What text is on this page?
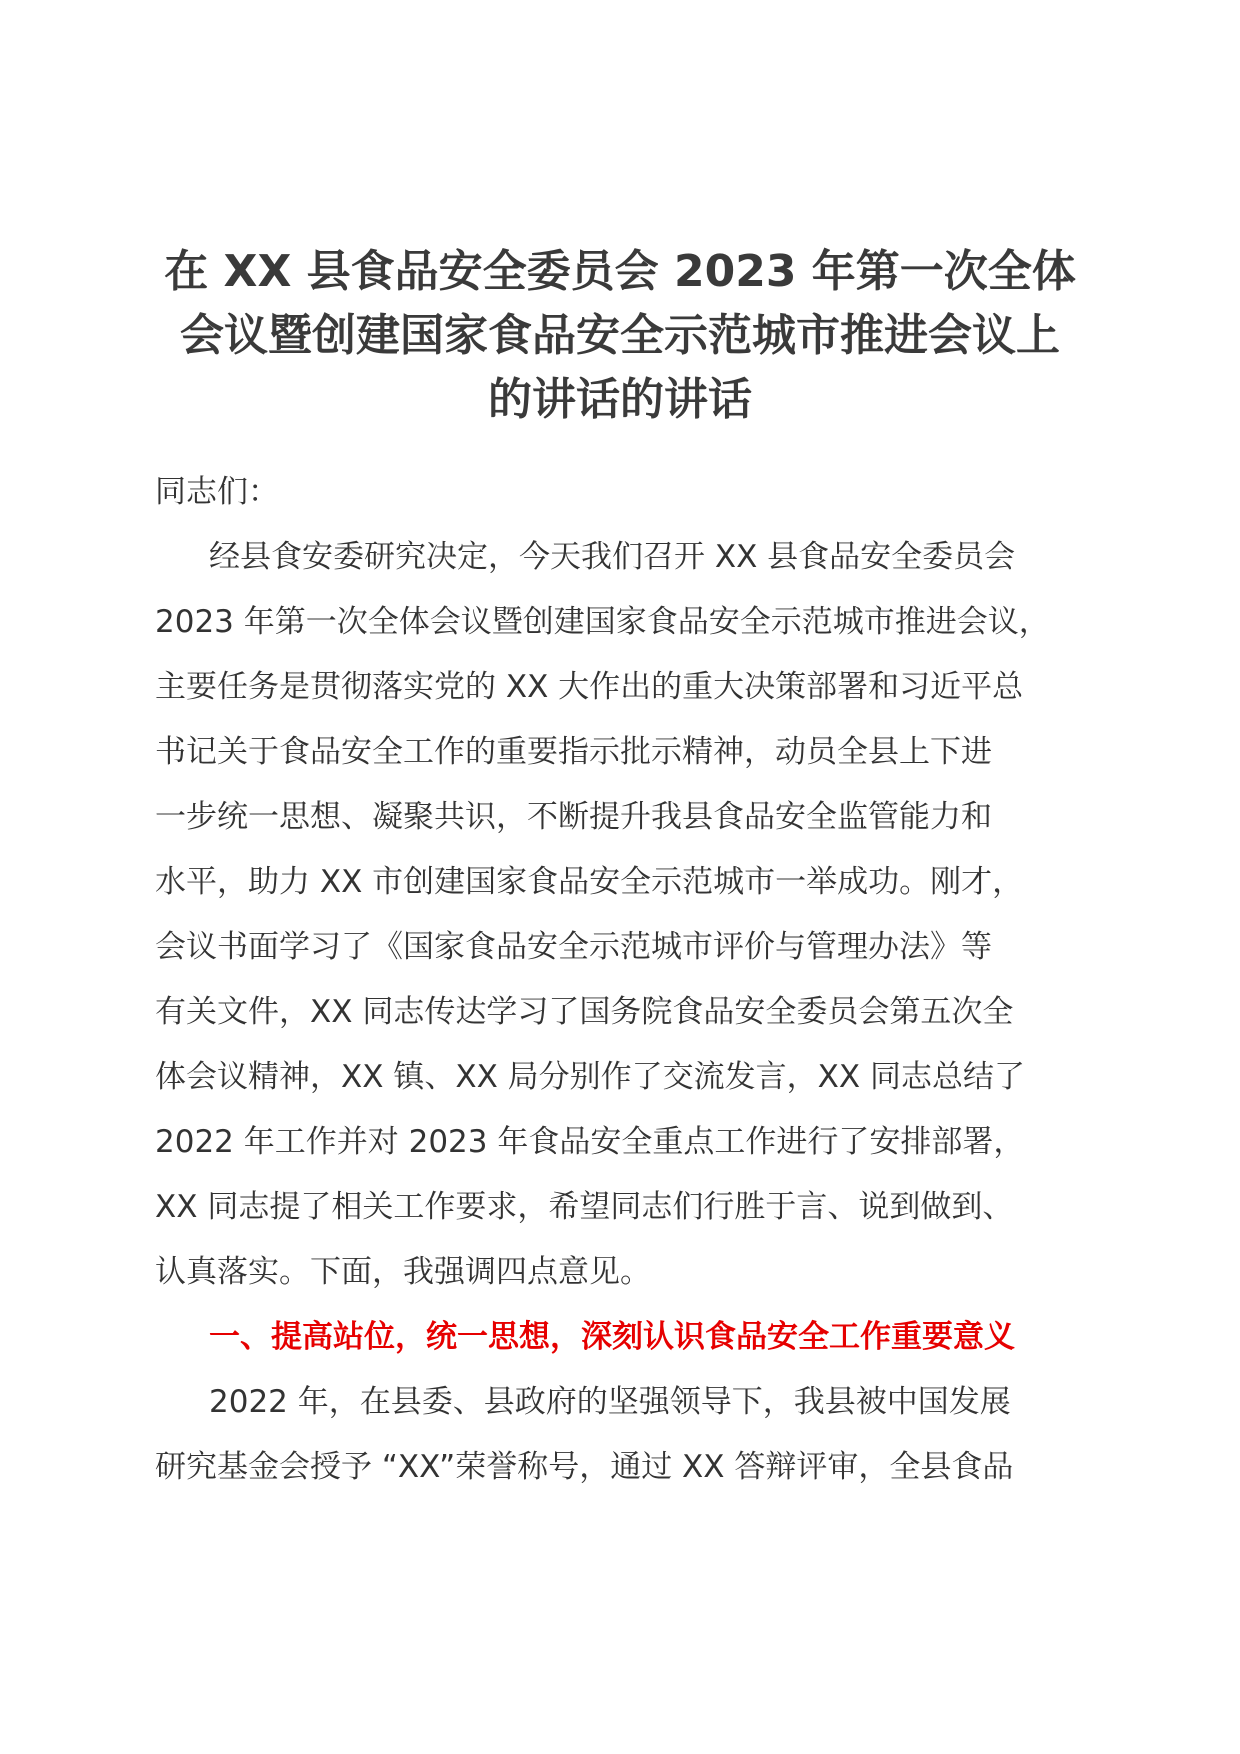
在 XX 县食品安全委员会 2023 年第一次全体
会议暨创建国家食品安全示范城市推进会议上
的讲话的讲话
同志们：
经县食安委研究决定，今天我们召开 XX 县食品安全委员会
2023 年第一次全体会议暨创建国家食品安全示范城市推进会议，
主要任务是贯彻落实党的 XX 大作出的重大决策部署和习近平总
书记关于食品安全工作的重要指示批示精神，动员全县上下进
一步统一思想、凝聚共识，不断提升我县食品安全监管能力和
水平，助力 XX 市创建国家食品安全示范城市一举成功。刚才，
会议书面学习了《国家食品安全示范城市评价与管理办法》等
有关文件，XX 同志传达学习了国务院食品安全委员会第五次全
体会议精神，XX 镇、XX 局分别作了交流发言，XX 同志总结了
2022 年工作并对 2023 年食品安全重点工作进行了安排部署，
XX 同志提了相关工作要求，希望同志们行胜于言、说到做到、
认真落实。下面，我强调四点意见。
一、提高站位，统一思想，深刻认识食品安全工作重要意义
2022 年，在县委、县政府的坚强领导下，我县被中国发展
研究基金会授予 “XX”荣誉称号，通过 XX 答辩评审，全县食品
